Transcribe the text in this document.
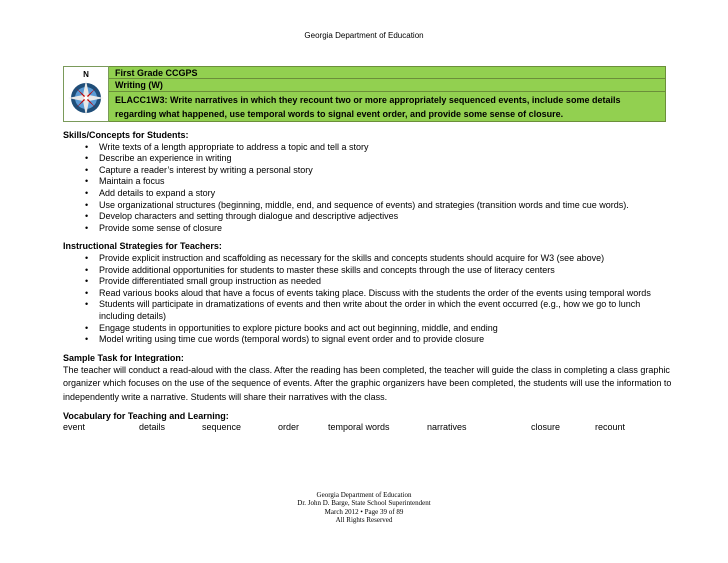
Georgia Department of Education
N	First Grade CCGPS
Writing (W)
ELACC1W3: Write narratives in which they recount two or more appropriately sequenced events, include some details
regarding what happened, use temporal words to signal event order, and provide some sense of closure.
Skills/Concepts for Students:
• Write texts of a length appropriate to address a topic and tell a story
• Describe an experience in writing
• Capture a reader’s interest by writing a personal story
• Maintain a focus
• Add details to expand a story
• Use organizational structures (beginning, middle, end, and sequence of events) and strategies (transition words and time cue words).
• Develop characters and setting through dialogue and descriptive adjectives
• Provide some sense of closure
Instructional Strategies for Teachers:
• Provide explicit instruction and scaffolding as necessary for the skills and concepts students should acquire for W3 (see above)
• Provide additional opportunities for students to master these skills and concepts through the use of literacy centers
• Provide differentiated small group instruction as needed
• Read various books aloud that have a focus of events taking place. Discuss with the students the order of the events using temporal words
• Students will participate in dramatizations of events and then write about the order in which the event occurred (e.g., how we go to lunch including details)
• Engage students in opportunities to explore picture books and act out beginning, middle, and ending
• Model writing using time cue words (temporal words) to signal event order and to provide closure
Sample Task for Integration:
The teacher will conduct a read-aloud with the class. After the reading has been completed, the teacher will guide the class in completing a class graphic organizer which focuses on the use of the sequence of events. After the graphic organizers have been completed, the students will use the information to independently write a narrative. Students will share their narratives with the class.
Vocabulary for Teaching and Learning:
event	details	sequence	order	temporal words	narratives	closure	recount
Georgia Department of Education
Dr. John D. Barge, State School Superintendent
March 2012 • Page 39 of 89
All Rights Reserved
